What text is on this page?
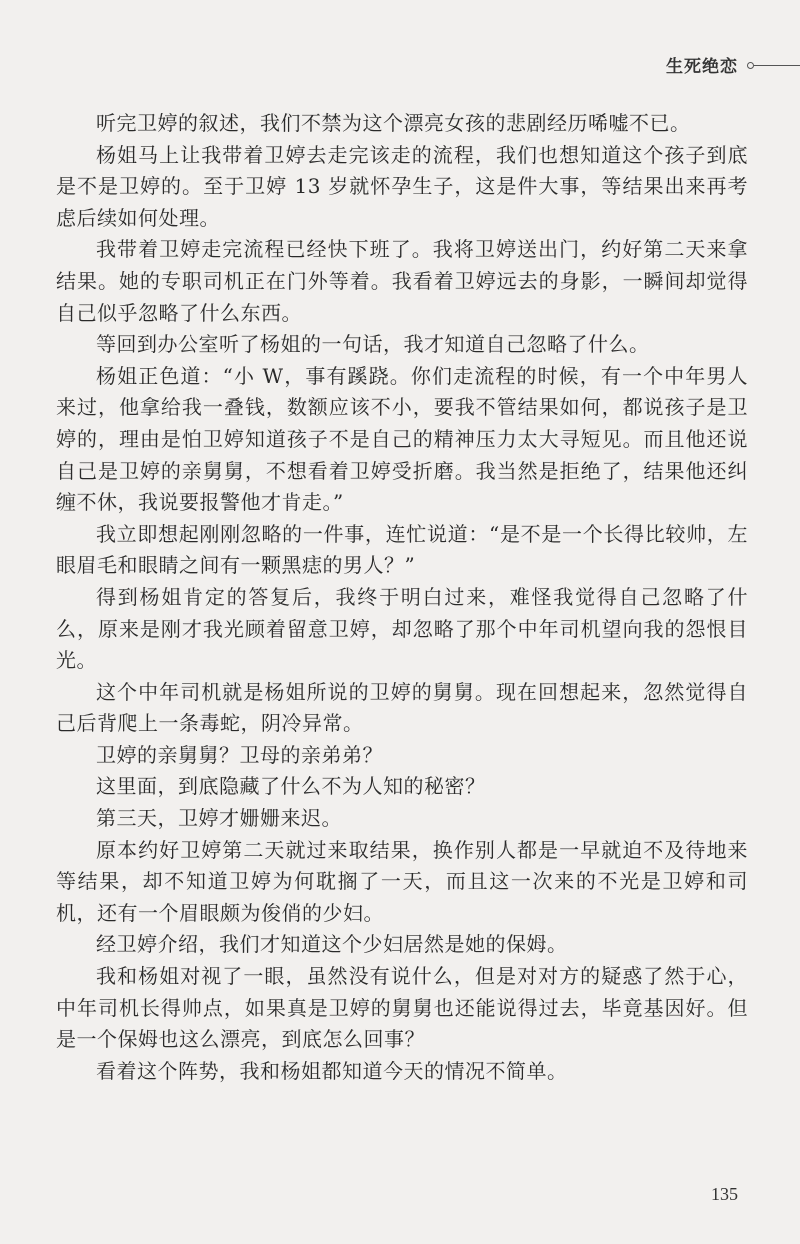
生死绝恋

听完卫婷的叙述，我们不禁为这个漂亮女孩的悲剧经历唏嘘不已。

杨姐马上让我带着卫婷去走完该走的流程，我们也想知道这个孩子到底是不是卫婷的。至于卫婷 13 岁就怀孕生子，这是件大事，等结果出来再考虑后续如何处理。

我带着卫婷走完流程已经快下班了。我将卫婷送出门，约好第二天来拿结果。她的专职司机正在门外等着。我看着卫婷远去的身影，一瞬间却觉得自己似乎忽略了什么东西。

等回到办公室听了杨姐的一句话，我才知道自己忽略了什么。

杨姐正色道：“小 W，事有蹊跷。你们走流程的时候，有一个中年男人来过，他拿给我一叠钱，数额应该不小，要我不管结果如何，都说孩子是卫婷的，理由是怕卫婷知道孩子不是自己的精神压力太大寻短见。而且他还说自己是卫婷的亲舅舅，不想看着卫婷受折磨。我当然是拒绝了，结果他还纠缠不休，我说要报警他才肯走。”

我立即想起刚刚忽略的一件事，连忙说道：“是不是一个长得比较帅，左眼眉毛和眼睛之间有一颗黑痣的男人？”

得到杨姐肯定的答复后，我终于明白过来，难怪我觉得自己忽略了什么，原来是刚才我光顾着留意卫婷，却忽略了那个中年司机望向我的怨恨目光。

这个中年司机就是杨姐所说的卫婷的舅舅。现在回想起来，忽然觉得自己后背爬上一条毒蛇，阴冷异常。

卫婷的亲舅舅？卫母的亲弟弟？

这里面，到底隐藏了什么不为人知的秘密？

第三天，卫婷才姗姗来迟。

原本约好卫婷第二天就过来取结果，换作别人都是一早就迫不及待地来等结果，却不知道卫婷为何耽搁了一天，而且这一次来的不光是卫婷和司机，还有一个眉眼颇为俊俏的少妇。

经卫婷介绍，我们才知道这个少妇居然是她的保姆。

我和杨姐对视了一眼，虽然没有说什么，但是对对方的疑惑了然于心，中年司机长得帅点，如果真是卫婷的舅舅也还能说得过去，毕竟基因好。但是一个保姆也这么漂亮，到底怎么回事？

看着这个阵势，我和杨姐都知道今天的情况不简单。

135
